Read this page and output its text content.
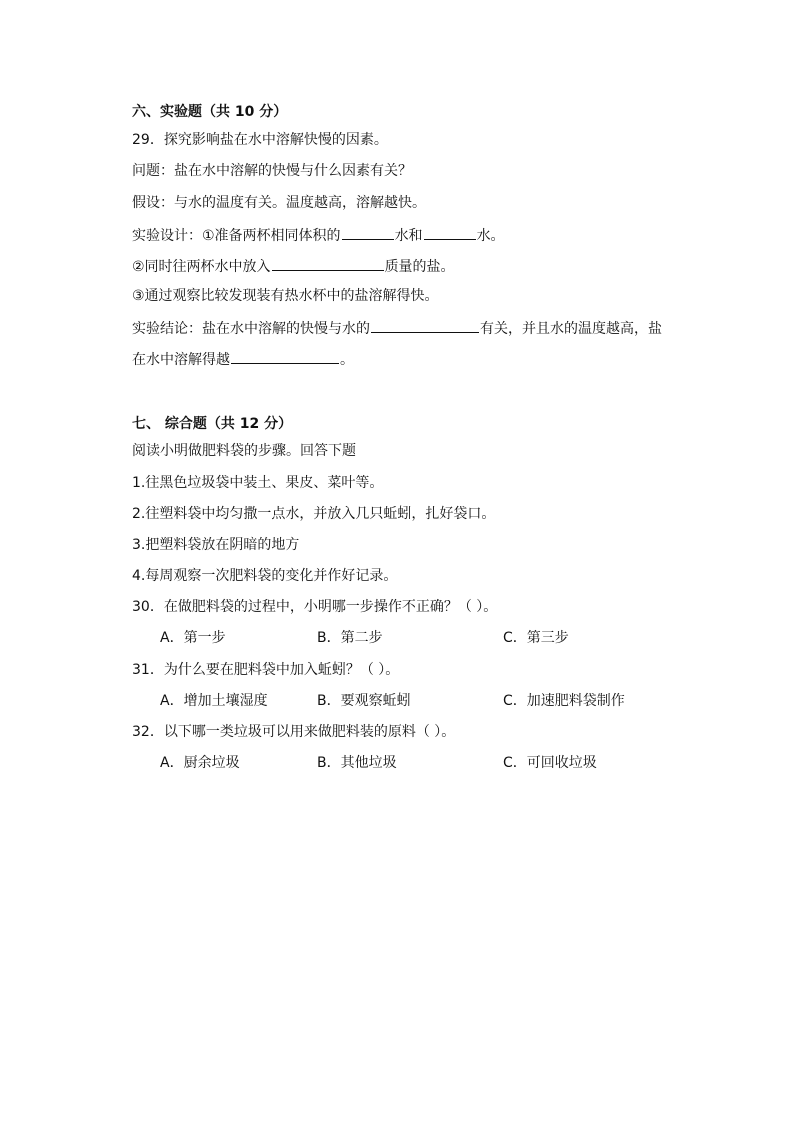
六、实验题（共 10 分）
29．探究影响盐在水中溶解快慢的因素。
问题：盐在水中溶解的快慢与什么因素有关？
假设：与水的温度有关。温度越高，溶解越快。
实验设计：①准备两杯相同体积的	水和	水。
②同时往两杯水中放入	质量的盐。
③通过观察比较发现装有热水杯中的盐溶解得快。
实验结论：盐在水中溶解的快慢与水的	有关，并且水的温度越高，盐
在水中溶解得越	。
七、 综合题（共 12 分）
阅读小明做肥料袋的步骤。回答下题
1.往黑色垃圾袋中装土、果皮、菜叶等。
2.往塑料袋中均匀撒一点水，并放入几只蚯蚓，扎好袋口。
3.把塑料袋放在阴暗的地方
4.每周观察一次肥料袋的变化并作好记录。
30．在做肥料袋的过程中，小明哪一步操作不正确？（ ）。
A．第一步	B．第二步	C．第三步
31．为什么要在肥料袋中加入蚯蚓？（ ）。
A．增加土壤湿度	B．要观察蚯蚓	C．加速肥料袋制作
32．以下哪一类垃圾可以用来做肥料装的原料（ ）。
A．厨余垃圾	B．其他垃圾	C．可回收垃圾
